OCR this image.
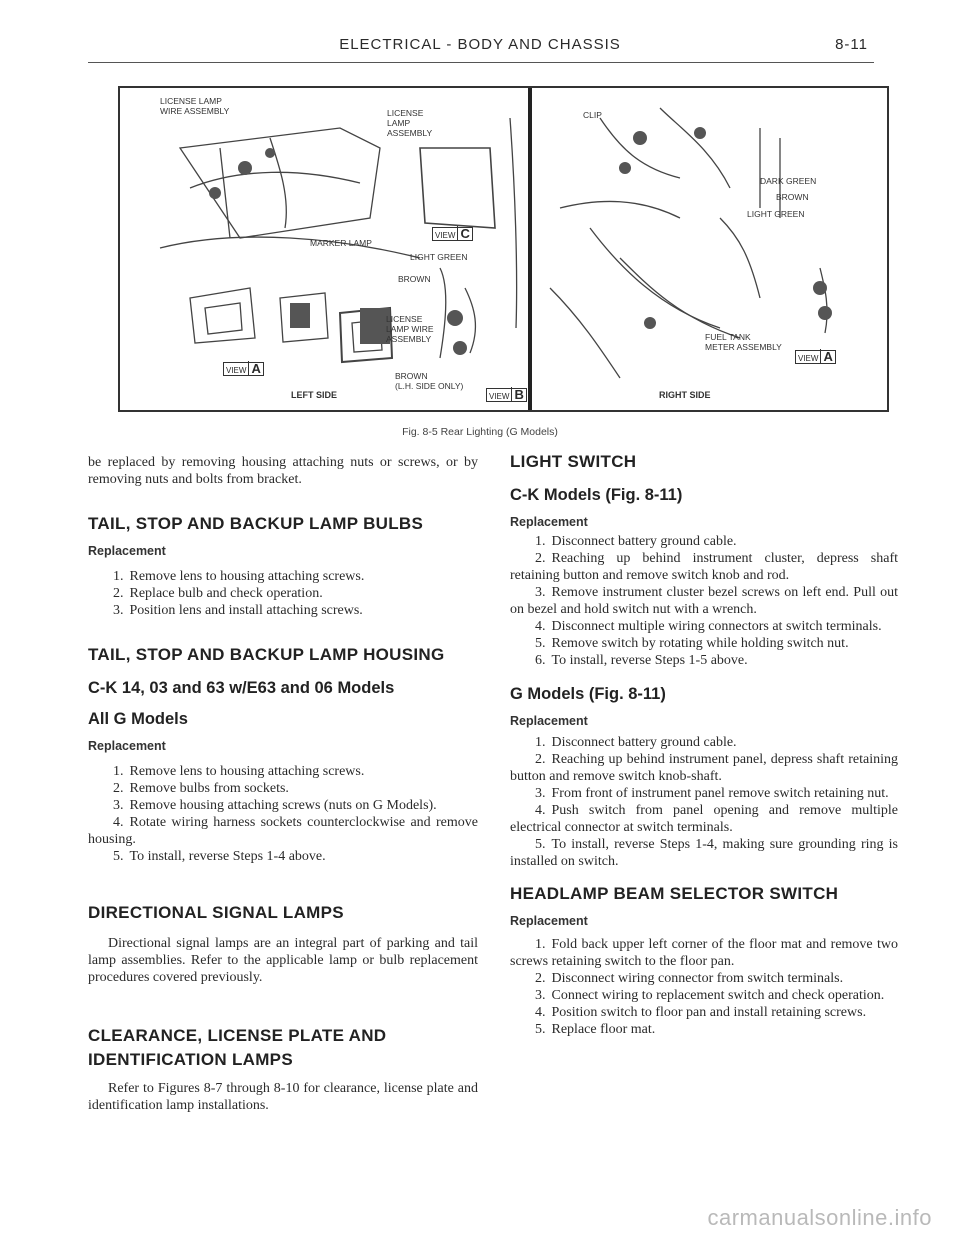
ELECTRICAL - BODY AND CHASSIS	8-11
LICENSE LAMP
WIRE ASSEMBLY	LICENSE
LAMP
ASSEMBLY
MARKER LAMP
LIGHT GREEN
BROWN
LICENSE
LAMP WIRE
ASSEMBLY
BROWN
(L.H. SIDE ONLY)
CLIP
DARK GREEN
BROWN
LIGHT GREEN
FUEL TANK
METER ASSEMBLY
LEFT SIDE	RIGHT SIDE
VIEW C
VIEW A
VIEW B
VIEW A
Fig. 8-5 Rear Lighting (G Models)

be replaced by removing housing attaching nuts or screws, or by removing nuts and bolts from bracket.

TAIL, STOP AND BACKUP LAMP BULBS
Replacement

1. Remove lens to housing attaching screws.

2. Replace bulb and check operation.

3. Position lens and install attaching screws.

TAIL, STOP AND BACKUP LAMP HOUSING
C-K 14, 03 and 63 w/E63 and 06 Models
All G Models
Replacement

1. Remove lens to housing attaching screws.

2. Remove bulbs from sockets.

3. Remove housing attaching screws (nuts on G Models).

4. Rotate wiring harness sockets counterclockwise and remove housing.

5. To install, reverse Steps 1-4 above.

DIRECTIONAL SIGNAL LAMPS

Directional signal lamps are an integral part of parking and tail lamp assemblies. Refer to the applicable lamp or bulb replacement procedures covered previously.

CLEARANCE, LICENSE PLATE AND
IDENTIFICATION LAMPS

Refer to Figures 8-7 through 8-10 for clearance, license plate and identification lamp installations.

LIGHT SWITCH
C-K Models (Fig. 8-11)
Replacement

1. Disconnect battery ground cable.

2. Reaching up behind instrument cluster, depress shaft retaining button and remove switch knob and rod.

3. Remove instrument cluster bezel screws on left end. Pull out on bezel and hold switch nut with a wrench.

4. Disconnect multiple wiring connectors at switch terminals.

5. Remove switch by rotating while holding switch nut.

6. To install, reverse Steps 1-5 above.

G Models (Fig. 8-11)
Replacement

1. Disconnect battery ground cable.

2. Reaching up behind instrument panel, depress shaft retaining button and remove switch knob-shaft.

3. From front of instrument panel remove switch retaining nut.

4. Push switch from panel opening and remove multiple electrical connector at switch terminals.

5. To install, reverse Steps 1-4, making sure grounding ring is installed on switch.

HEADLAMP BEAM SELECTOR SWITCH
Replacement

1. Fold back upper left corner of the floor mat and remove two screws retaining switch to the floor pan.

2. Disconnect wiring connector from switch terminals.

3. Connect wiring to replacement switch and check operation.

4. Position switch to floor pan and install retaining screws.

5. Replace floor mat.

carmanualsonline.info
